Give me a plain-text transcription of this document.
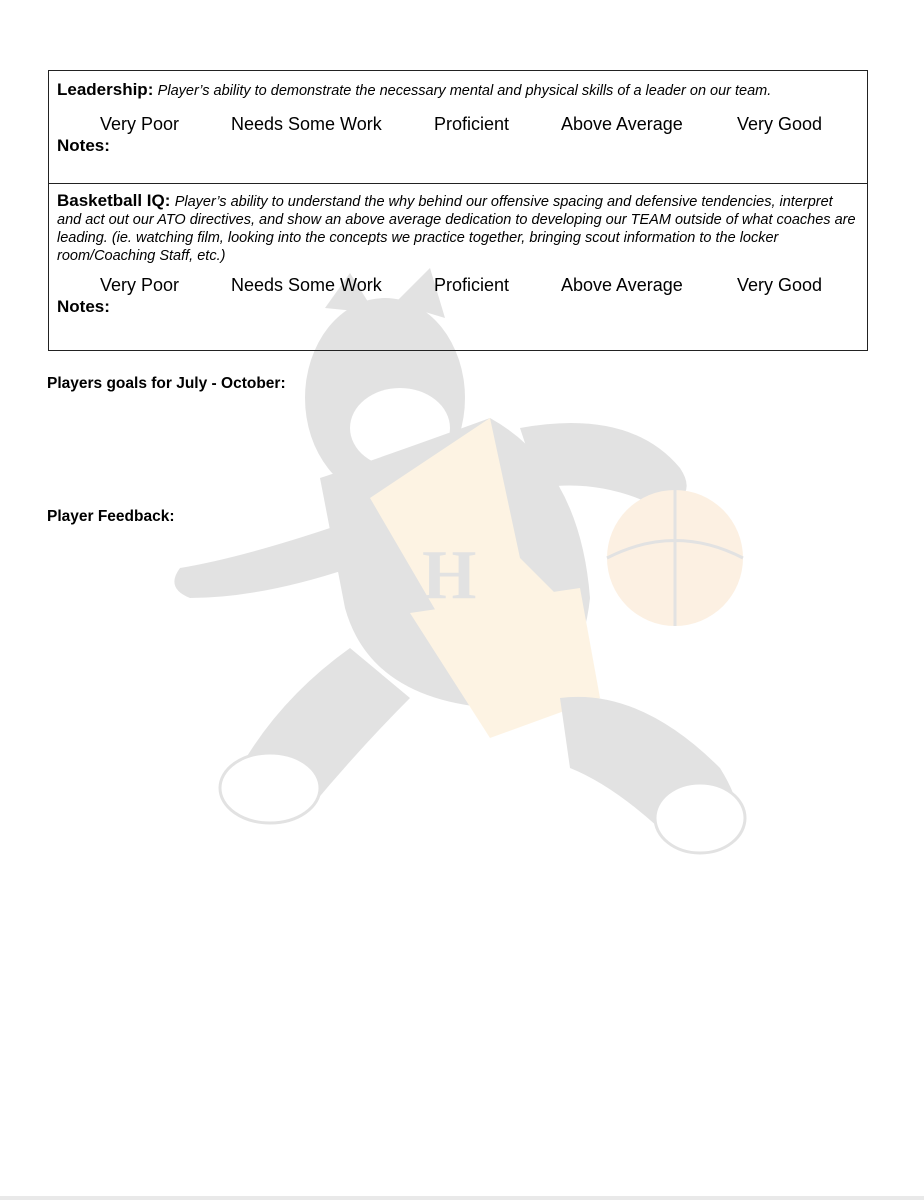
H
Leadership: Player’s ability to demonstrate the necessary mental and physical skills of a leader on our team.
Very Poor	Needs Some Work	Proficient	Above Average	Very Good
Notes:
Basketball IQ: Player’s ability to understand the why behind our offensive spacing and defensive tendencies, interpret and act out our ATO directives, and show an above average dedication to developing our TEAM outside of what coaches are leading. (ie. watching film, looking into the concepts we practice together, bringing scout information to the locker room/Coaching Staff, etc.)
Very Poor	Needs Some Work	Proficient	Above Average	Very Good
Notes:
Players goals for July - October:
Player Feedback:
